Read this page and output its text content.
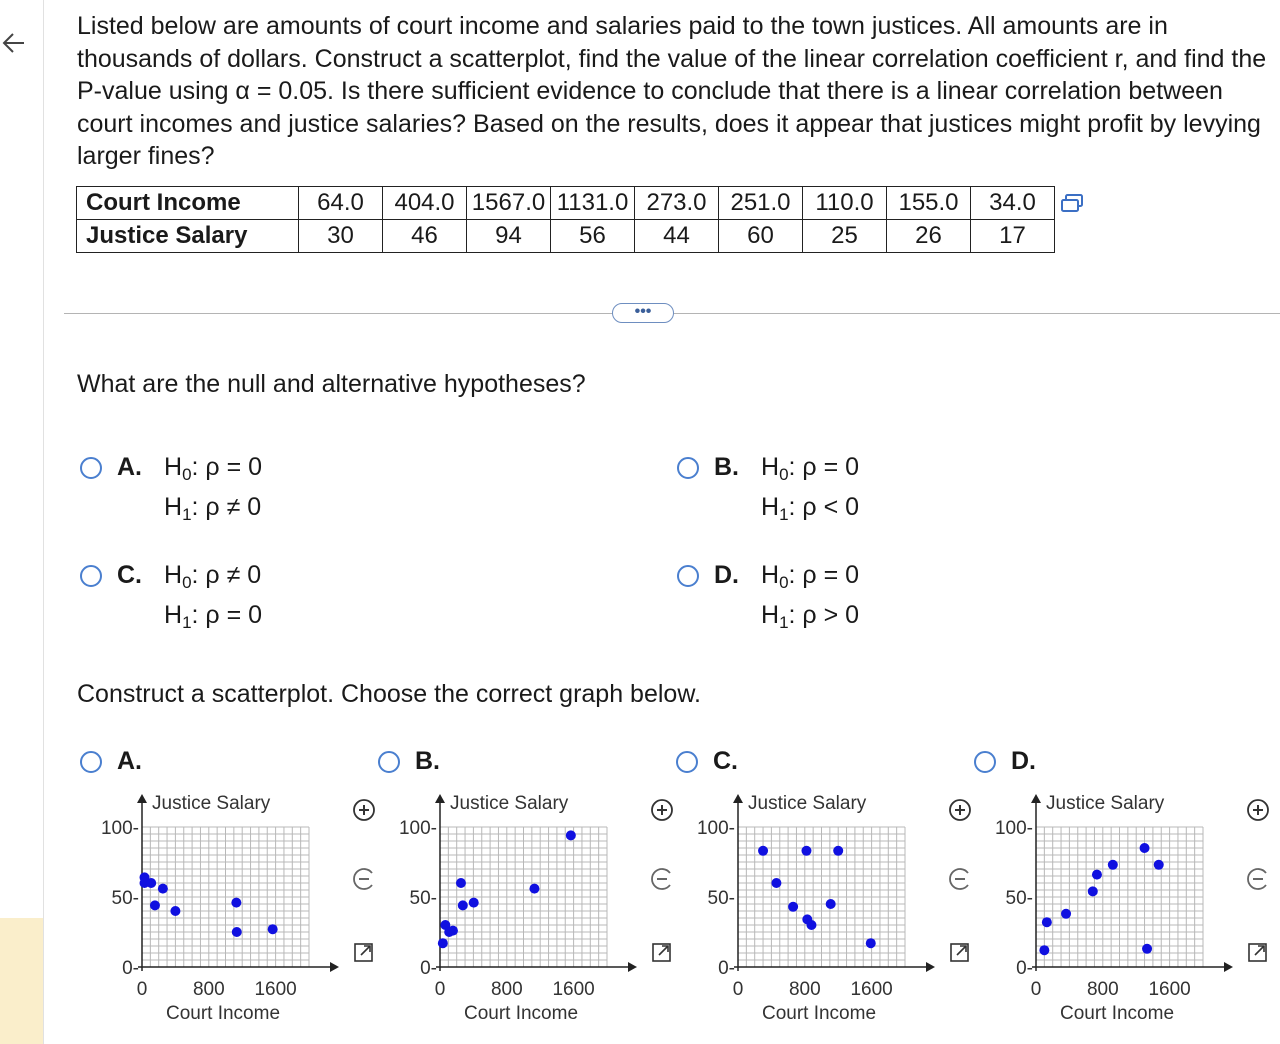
Listed below are amounts of court income and salaries paid to the town justices. All amounts are in thousands of dollars. Construct a scatterplot, find the value of the linear correlation coefficient r, and find the P-value using α = 0.05. Is there sufficient evidence to conclude that there is a linear correlation between court incomes and justice salaries? Based on the results, does it appear that justices might profit by levying larger fines?

Court Income	64.0	404.0	1567.0	1131.0	273.0	251.0	110.0	155.0	34.0
Justice Salary	30	46	94	56	44	60	25	26	17
•••

What are the null and alternative hypotheses?

A. $H_0$: ρ = 0
$H_1$: ρ ≠ 0
B. $H_0$: ρ = 0
$H_1$: ρ < 0
C. $H_0$: ρ ≠ 0
$H_1$: ρ = 0
D. $H_0$: ρ = 0
$H_1$: ρ > 0

Construct a scatterplot. Choose the correct graph below.

A.
0-
50-
100-
0 800 1600
Justice Salary
Court Income
B.
0-
50-
100-
0 800 1600
Justice Salary
Court Income
C.
0-
50-
100-
0 800 1600
Justice Salary
Court Income
D.
0-
50-
100-
0 800 1600
Justice Salary
Court Income
